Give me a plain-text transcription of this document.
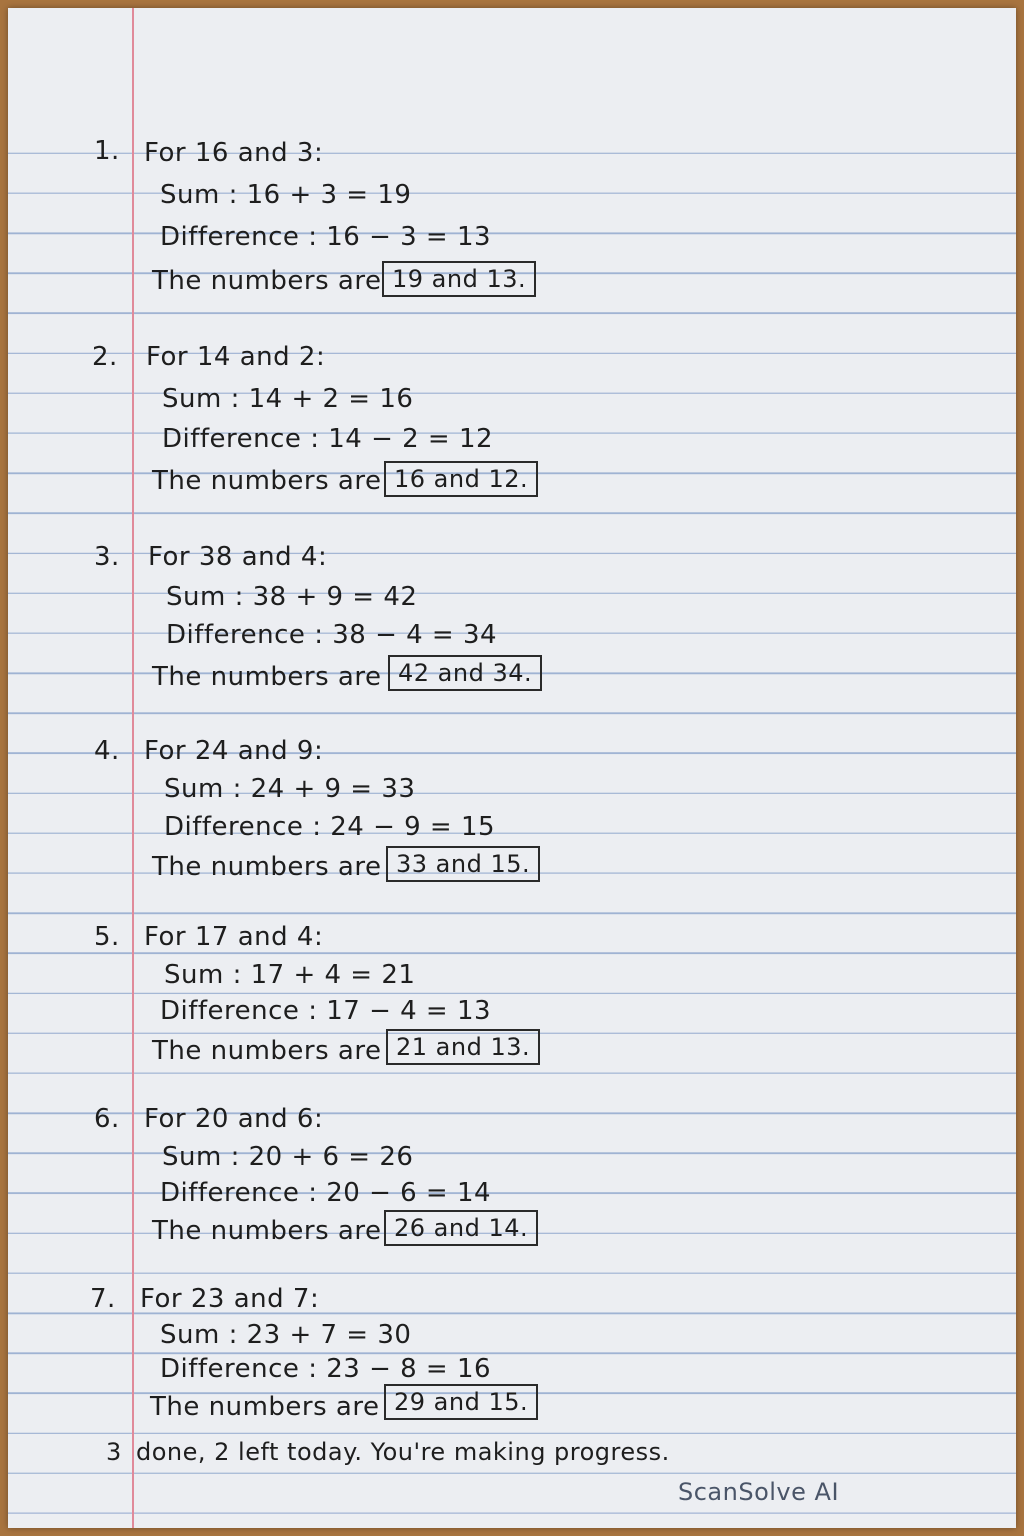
1. For 16 and 3:
Sum : 16 + 3 = 19
Difference : 16 − 3 = 13
The numbers are 19 and 13.
2. For 14 and 2:
Sum : 14 + 2 = 16
Difference : 14 − 2 = 12
The numbers are 16 and 12.
3. For 38 and 4:
Sum : 38 + 9 = 42
Difference : 38 − 4 = 34
The numbers are 42 and 34.
4. For 24 and 9:
Sum : 24 + 9 = 33
Difference : 24 − 9 = 15
The numbers are 33 and 15.
5. For 17 and 4:
Sum : 17 + 4 = 21
Difference : 17 − 4 = 13
The numbers are 21 and 13.
6. For 20 and 6:
Sum : 20 + 6 = 26
Difference : 20 − 6 = 14
The numbers are 26 and 14.
7. For 23 and 7:
Sum : 23 + 7 = 30
Difference : 23 − 8 = 16
The numbers are 29 and 15.
3 done, 2 left today. You're making progress.
ScanSolve AI
